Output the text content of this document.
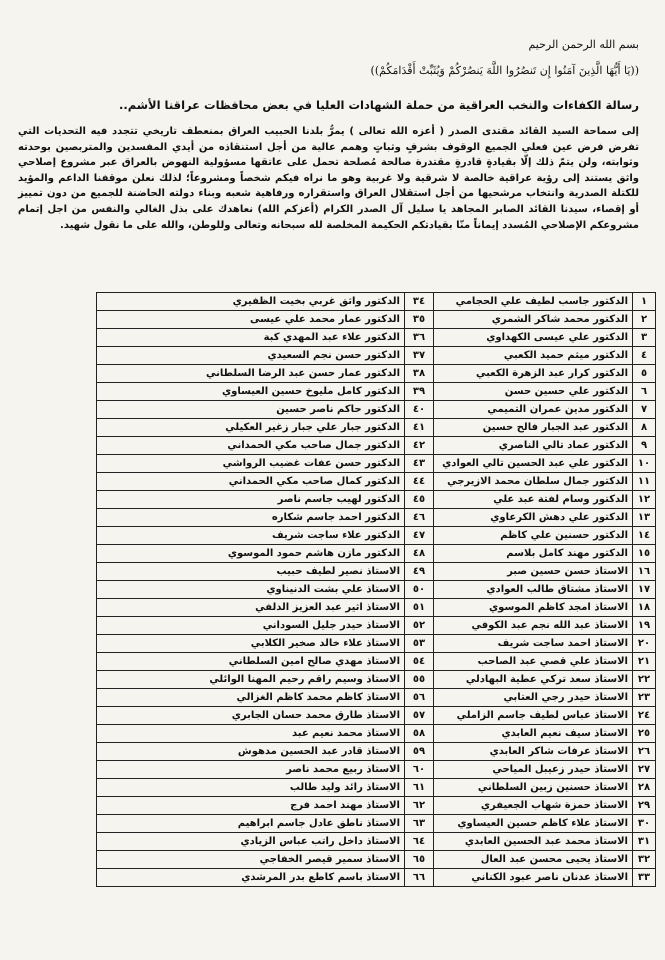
بسم الله الرحمن الرحيم
((يَا أَيُّهَا الَّذِينَ آمَنُوا إِن تَنصُرُوا اللَّهَ يَنصُرْكُمْ وَيُثَبِّتْ أَقْدَامَكُمْ))
رسالة الكفاءات والنخب العراقية من حملة الشهادات العليا في بعض محافظات عراقنا الأشم..

إلى سماحة السيد القائد مقتدى الصدر ( أعزه الله تعالى ) يمرُّ بلدنا الحبيب العراق بمنعطف تاريخي تتجدد فيه التحديات التي تفرض فرض عين فعلي الجميع الوقوف بشرفٍ وثباتٍ وهمم عالية من أجل استنقاذه من أيدي المفسدين والمتربصين بوحدته وثوابته، ولن يتمّ ذلك إلّا بقيادةٍ قادرةٍ مقتدرة صالحة مُصلحة تحمل على عاتقها مسؤولية النهوض بالعراق عبر مشروع إصلاحي واثق يستند إلى رؤية عراقية خالصة لا شرقية ولا غربية وهو ما نراه فيكم شخصاً ومشروعاً؛ لذلك نعلن موقفنا الداعم والمؤيد للكتلة الصدرية وانتخاب مرشحيها من أجل استقلال العراق واستقراره ورفاهية شعبه وبناء دولته الحاضنة للجميع من دون تمييز أو إقصاء، سيدنا القائد الصابر المجاهد يا سليل آل الصدر الكرام (أعزكم الله) نعاهدك على بذل الغالي والنفس من اجل إتمام مشروعكم الإصلاحي المُسدد إيماناً منّا بقيادتكم الحكيمة المخلصة لله سبحانه وتعالى وللوطن، والله على ما نقول شهيد.

١	الدكتور جاسب لطيف علي الحجامي	٣٤	الدكتور واثق غربي بخيت الظفيري
٢	الدكتور محمد شاكر الشمري	٣٥	الدكتور عمار محمد علي عيسى
٣	الدكتور علي عيسى الكهداوي	٣٦	الدكتور علاء عبد المهدي كبة
٤	الدكتور ميثم حميد الكعبي	٣٧	الدكتور حسن نجم السعيدي
٥	الدكتور كرار عبد الزهرة الكعبي	٣٨	الدكتور عمار حسن عبد الرضا السلطاني
٦	الدكتور علي حسين حسن	٣٩	الدكتور كامل مليوخ حسين العيساوي
٧	الدكتور مدين عمران التميمي	٤٠	الدكتور حاكم ناصر حسين
٨	الدكتور عبد الجبار فالح حسين	٤١	الدكتور جبار علي جبار زغير العكيلي
٩	الدكتور عماد تالي الناصري	٤٢	الدكتور جمال صاحب مكي الحمداني
١٠	الدكتور علي عبد الحسين تالي العوادي	٤٣	الدكتور حسن عفات غضيب الرواشي
١١	الدكتور جمال سلطان محمد الازيرجي	٤٤	الدكتور كمال صاحب مكي الحمداني
١٢	الدكتور وسام لفتة عبد علي	٤٥	الدكتور لهيب جاسم ناصر
١٣	الدكتور علي دهش الكرعاوي	٤٦	الدكتور احمد جاسم شكاره
١٤	الدكتور حسنين علي كاظم	٤٧	الدكتور علاء ساجت شريف
١٥	الدكتور مهند كامل بلاسم	٤٨	الدكتور مازن هاشم حمود الموسوي
١٦	الاستاذ حسن حسين صبر	٤٩	الاستاذ نصير لطيف حبيب
١٧	الاستاذ مشتاق طالب العوادي	٥٠	الاستاذ علي بشت الدنيناوي
١٨	الاستاذ امجد كاظم الموسوي	٥١	الاستاذ اثير عبد العزيز الدلفي
١٩	الاستاذ عبد الله نجم عبد الكوفي	٥٢	الاستاذ حيدر جليل السوداني
٢٠	الاستاذ احمد ساجت شريف	٥٣	الاستاذ علاء خالد صخير الكلابي
٢١	الاستاذ علي قصي عبد الصاحب	٥٤	الاستاذ مهدي صالح امين السلطاني
٢٢	الاستاذ سعد تركي عطية البهادلي	٥٥	الاستاذ وسيم راقم رحيم المهنا الوائلي
٢٣	الاستاذ حيدر رجي العتابي	٥٦	الاستاذ كاظم محمد كاظم الغزالي
٢٤	الاستاذ عباس لطيف جاسم الزاملي	٥٧	الاستاذ طارق محمد حسان الجابري
٢٥	الاستاذ سيف نعيم العابدي	٥٨	الاستاذ محمد نعيم عبد
٢٦	الاستاذ عرفات شاكر العابدي	٥٩	الاستاذ قادر عبد الحسين مدهوش
٢٧	الاستاذ حيدر زعيبل المياحي	٦٠	الاستاذ ربيع محمد ناصر
٢٨	الاستاذ حسنين زبين السلطاني	٦١	الاستاذ رائد وليد طالب
٢٩	الاستاذ حمزة شهاب الجعيفري	٦٢	الاستاذ مهند احمد فرج
٣٠	الاستاذ علاء كاظم حسين العيساوي	٦٣	الاستاذ ناطق عادل جاسم ابراهيم
٣١	الاستاذ محمد عبد الحسين العابدي	٦٤	الاستاذ داخل راتب عباس الزيادي
٣٢	الاستاذ يحيى محسن عبد العال	٦٥	الاستاذ سمير قيصر الخفاجي
٣٣	الاستاذ عدنان ناصر عبود الكناني	٦٦	الاستاذ باسم كاطع بدر المرشدي
